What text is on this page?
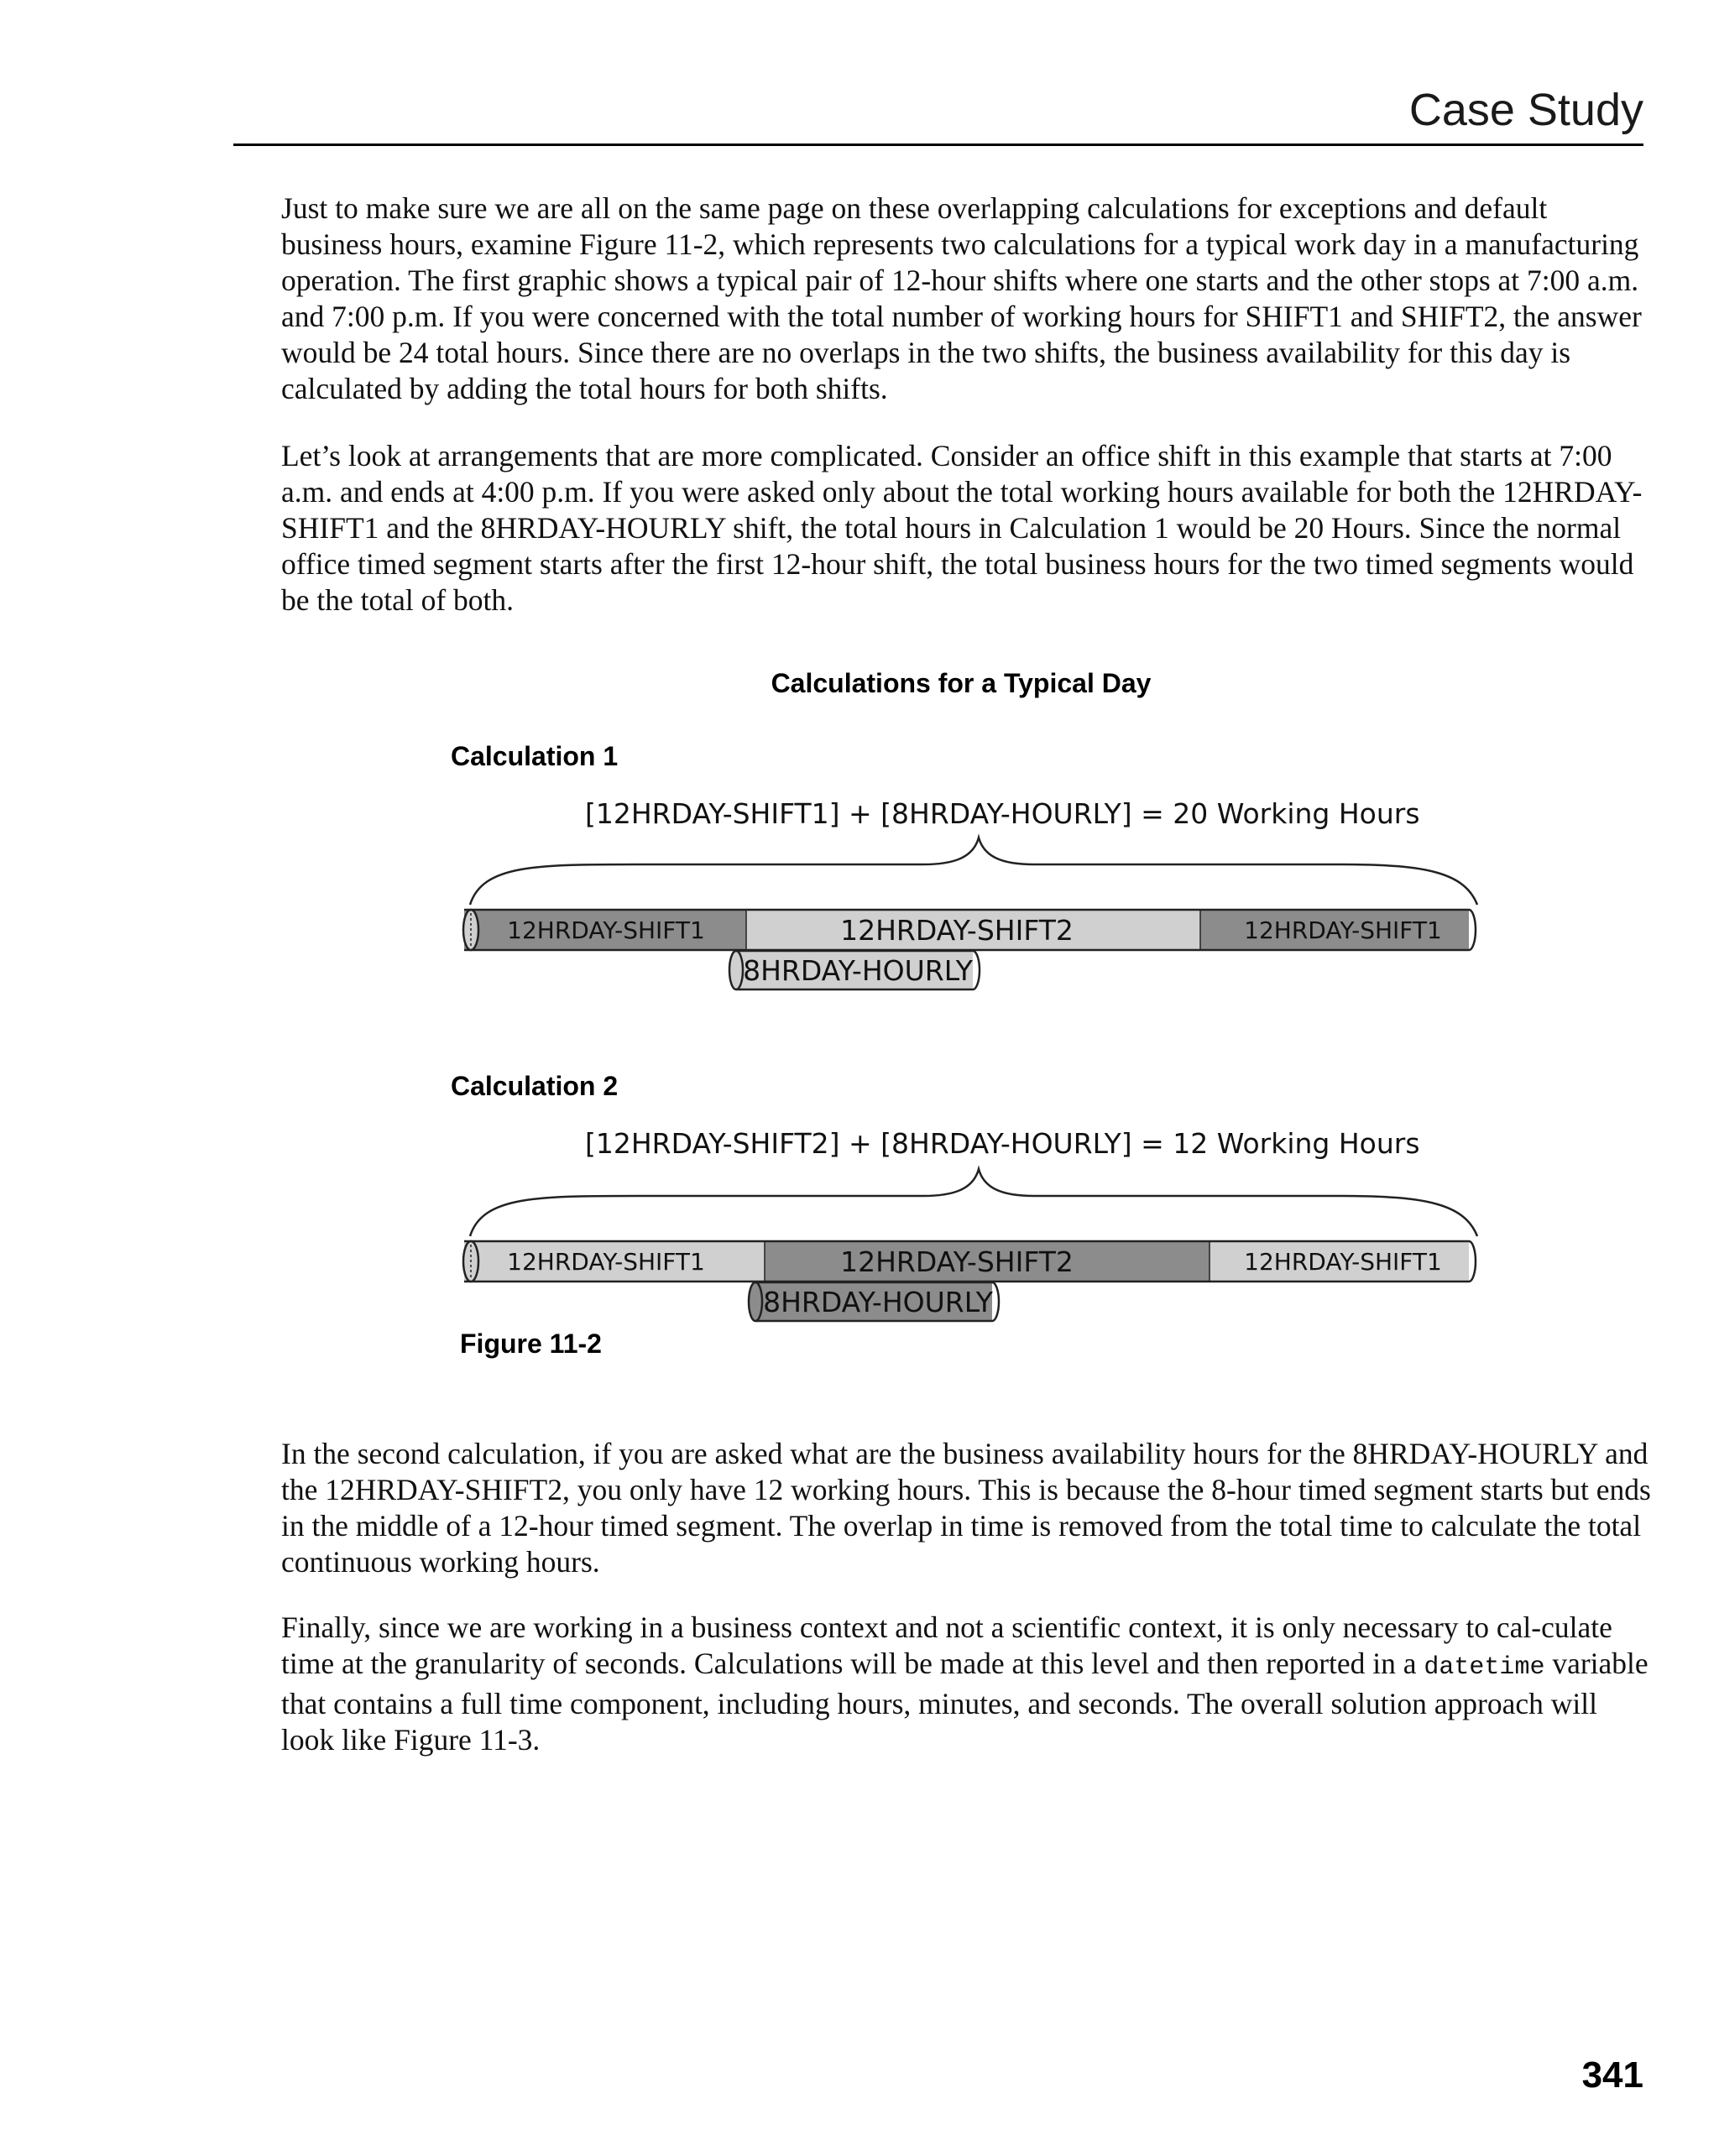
Case Study

Just to make sure we are all on the same page on these overlapping calculations for exceptions and default business hours, examine Figure 11-2, which represents two calculations for a typical work day in a manufacturing operation. The first graphic shows a typical pair of 12-hour shifts where one starts and the other stops at 7:00 a.m. and 7:00 p.m. If you were concerned with the total number of working hours for SHIFT1 and SHIFT2, the answer would be 24 total hours. Since there are no overlaps in the two shifts, the business availability for this day is calculated by adding the total hours for both shifts.

Let’s look at arrangements that are more complicated. Consider an office shift in this example that starts at 7:00 a.m. and ends at 4:00 p.m. If you were asked only about the total working hours available for both the 12HRDAY-SHIFT1 and the 8HRDAY-HOURLY shift, the total hours in Calculation 1 would be 20 Hours. Since the normal office timed segment starts after the first 12-hour shift, the total business hours for the two timed segments would be the total of both.

Calculations for a Typical Day
Calculation 1
[12HRDAY-SHIFT1] + [8HRDAY-HOURLY] = 20 Working Hours
Calculation 2
[12HRDAY-SHIFT2] + [8HRDAY-HOURLY] = 12 Working Hours
12HRDAY-SHIFT1	12HRDAY-SHIFT2	12HRDAY-SHIFT1
8HRDAY-HOURLY
12HRDAY-SHIFT1	12HRDAY-SHIFT2	12HRDAY-SHIFT1
8HRDAY-HOURLY
Figure 11-2

In the second calculation, if you are asked what are the business availability hours for the 8HRDAY-HOURLY and the 12HRDAY-SHIFT2, you only have 12 working hours. This is because the 8-hour timed segment starts but ends in the middle of a 12-hour timed segment. The overlap in time is removed from the total time to calculate the total continuous working hours.

Finally, since we are working in a business context and not a scientific context, it is only necessary to cal-culate time at the granularity of seconds. Calculations will be made at this level and then reported in a datetime variable that contains a full time component, including hours, minutes, and seconds. The overall solution approach will look like Figure 11-3.

341
